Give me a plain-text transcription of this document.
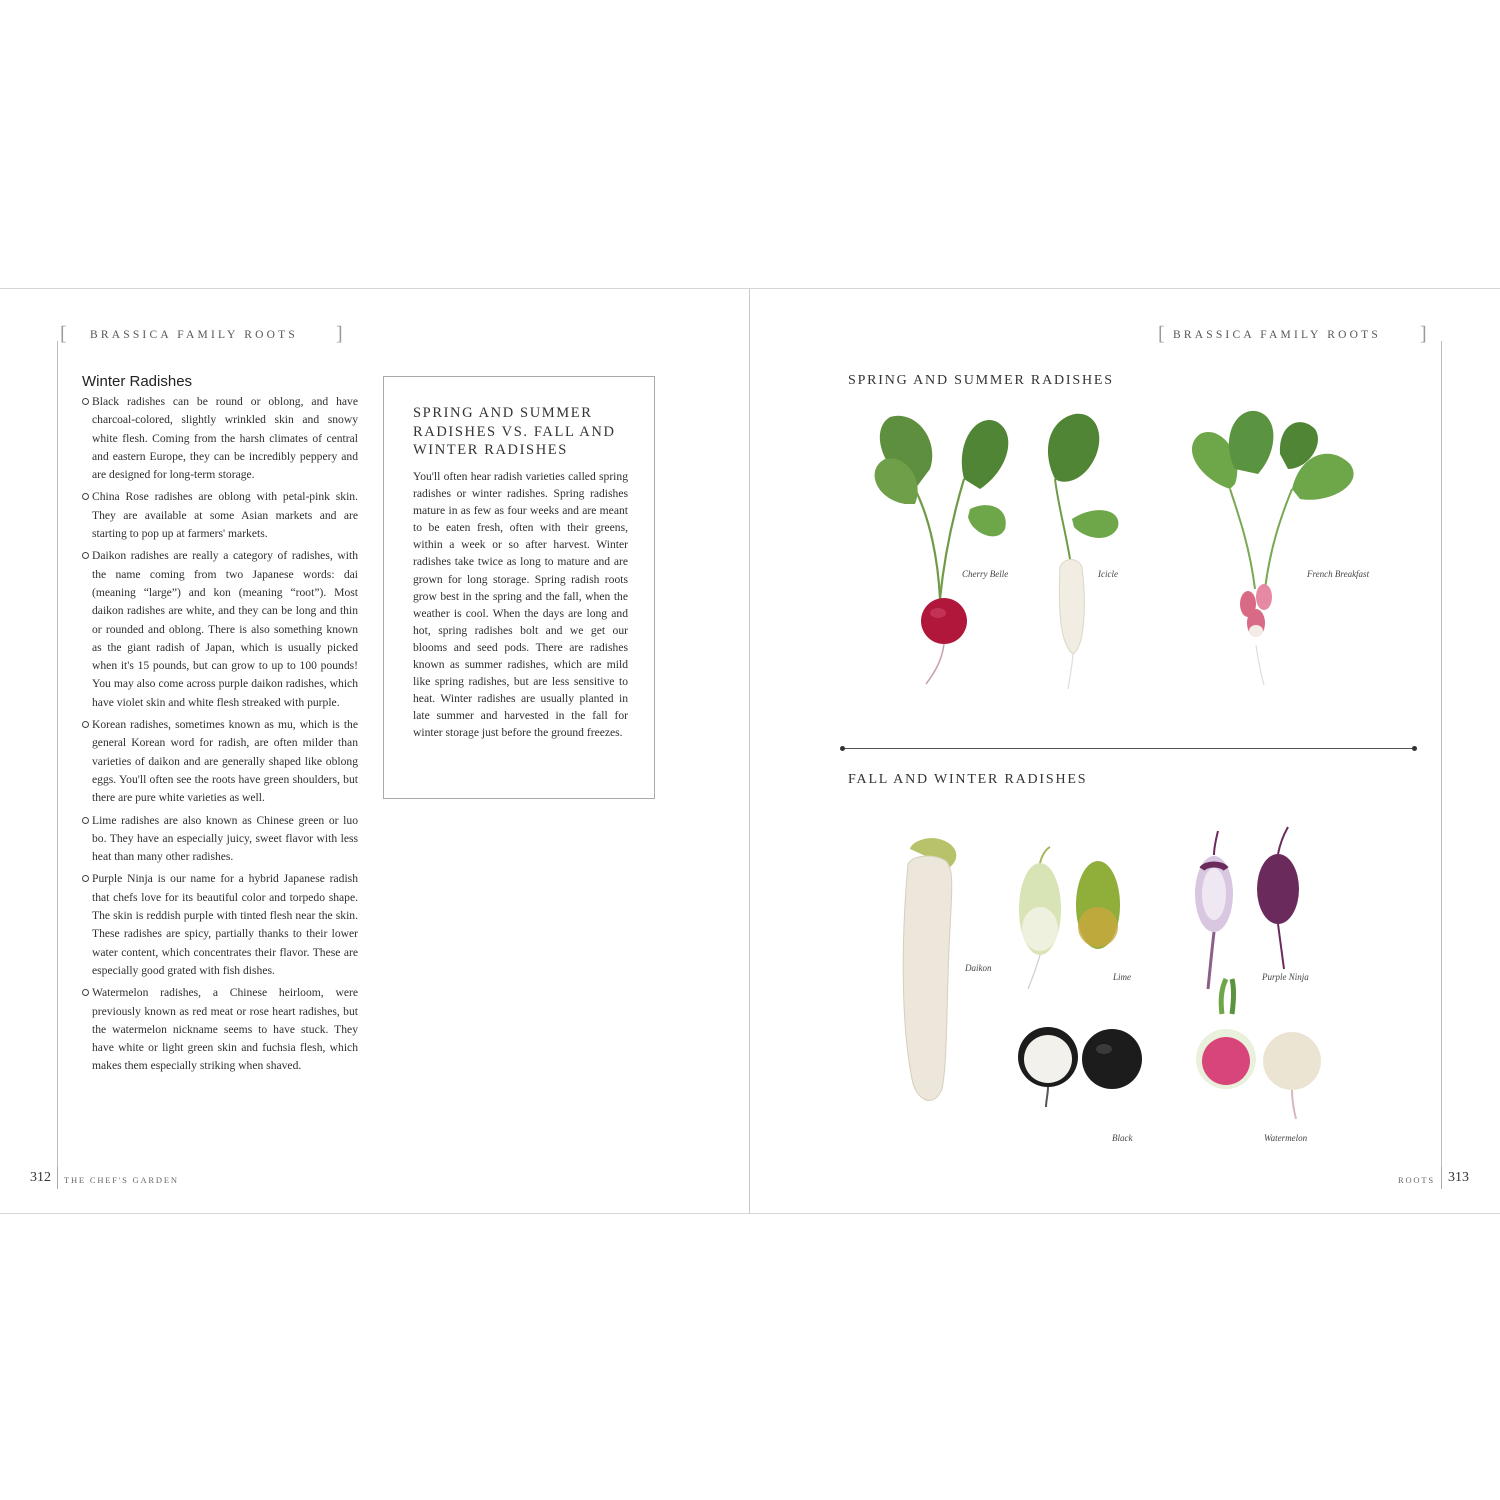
[ BRASSICA FAMILY ROOTS ]
Winter Radishes
Black radishes can be round or oblong, and have charcoal-colored, slightly wrinkled skin and snowy white flesh. Coming from the harsh climates of central and eastern Europe, they can be incredibly peppery and are designed for long-term storage.
China Rose radishes are oblong with petal-pink skin. They are available at some Asian markets and are starting to pop up at farmers' markets.
Daikon radishes are really a category of radishes, with the name coming from two Japanese words: dai (meaning “large”) and kon (meaning “root”). Most daikon radishes are white, and they can be long and thin or rounded and oblong. There is also something known as the giant radish of Japan, which is usually picked when it's 15 pounds, but can grow to up to 100 pounds! You may also come across purple daikon radishes, which have violet skin and white flesh streaked with purple.
Korean radishes, sometimes known as mu, which is the general Korean word for radish, are often milder than varieties of daikon and are generally shaped like oblong eggs. You'll often see the roots have green shoulders, but there are pure white varieties as well.
Lime radishes are also known as Chinese green or luo bo. They have an especially juicy, sweet flavor with less heat than many other radishes.
Purple Ninja is our name for a hybrid Japanese radish that chefs love for its beautiful color and torpedo shape. The skin is reddish purple with tinted flesh near the skin. These radishes are spicy, partially thanks to their lower water content, which concentrates their flavor. These are especially good grated with fish dishes.
Watermelon radishes, a Chinese heirloom, were previously known as red meat or rose heart radishes, but the watermelon nickname seems to have stuck. They have white or light green skin and fuchsia flesh, which makes them especially striking when shaved.
SPRING AND SUMMER RADISHES VS. FALL AND WINTER RADISHES
You'll often hear radish varieties called spring radishes or winter radishes. Spring radishes mature in as few as four weeks and are meant to be eaten fresh, often with their greens, within a week or so after harvest. Winter radishes take twice as long to mature and are grown for long storage. Spring radish roots grow best in the spring and the fall, when the weather is cool. When the days are long and hot, spring radishes bolt and we get our blooms and seed pods. There are radishes known as summer radishes, which are mild like spring radishes, but are less sensitive to heat. Winter radishes are usually planted in late summer and harvested in the fall for winter storage just before the ground freezes.
312 THE CHEF'S GARDEN
[ BRASSICA FAMILY ROOTS ]
SPRING AND SUMMER RADISHES
Cherry Belle	Icicle	French Breakfast
FALL AND WINTER RADISHES
Daikon
Lime	Purple Ninja
Black	Watermelon
ROOTS 313
